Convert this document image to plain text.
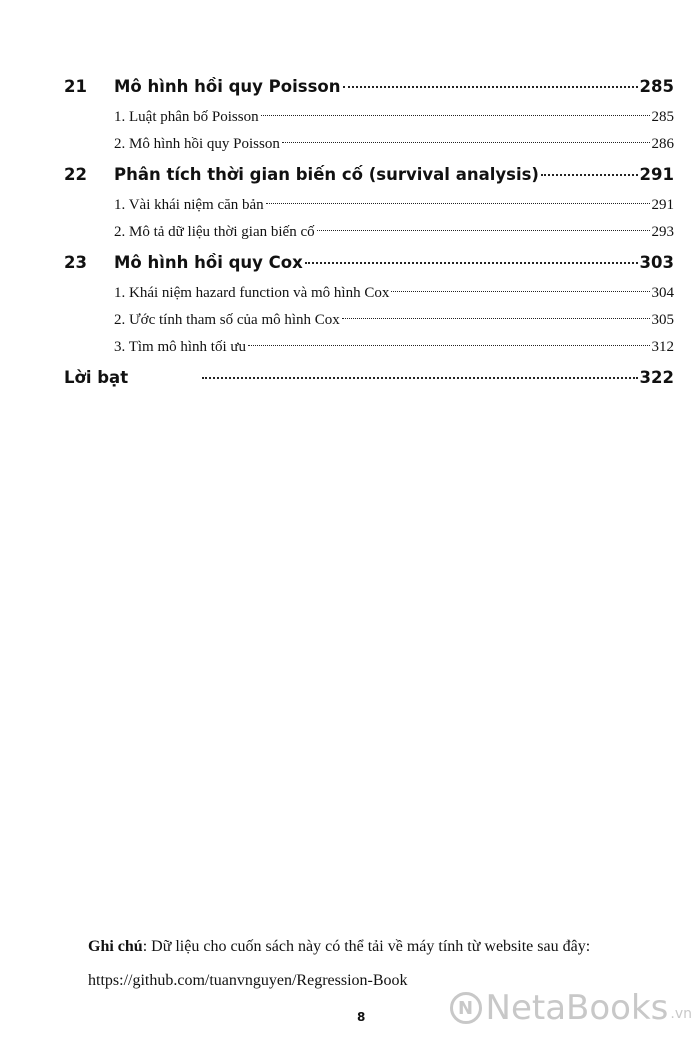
21	Mô hình hồi quy Poisson	285
1. Luật phân bố Poisson	285
2. Mô hình hồi quy Poisson	286
22	Phân tích thời gian biến cố (survival analysis)	291
1. Vài khái niệm căn bản	291
2. Mô tả dữ liệu thời gian biến cố	293
23	Mô hình hồi quy Cox	303
1. Khái niệm hazard function và mô hình Cox	304
2. Ước tính tham số của mô hình Cox	305
3. Tìm mô hình tối ưu	312
Lời bạt	322
Ghi chú: Dữ liệu cho cuốn sách này có thể tải về máy tính từ website sau đây:
https://github.com/tuanvnguyen/Regression-Book
8	N NetaBooks .vn
